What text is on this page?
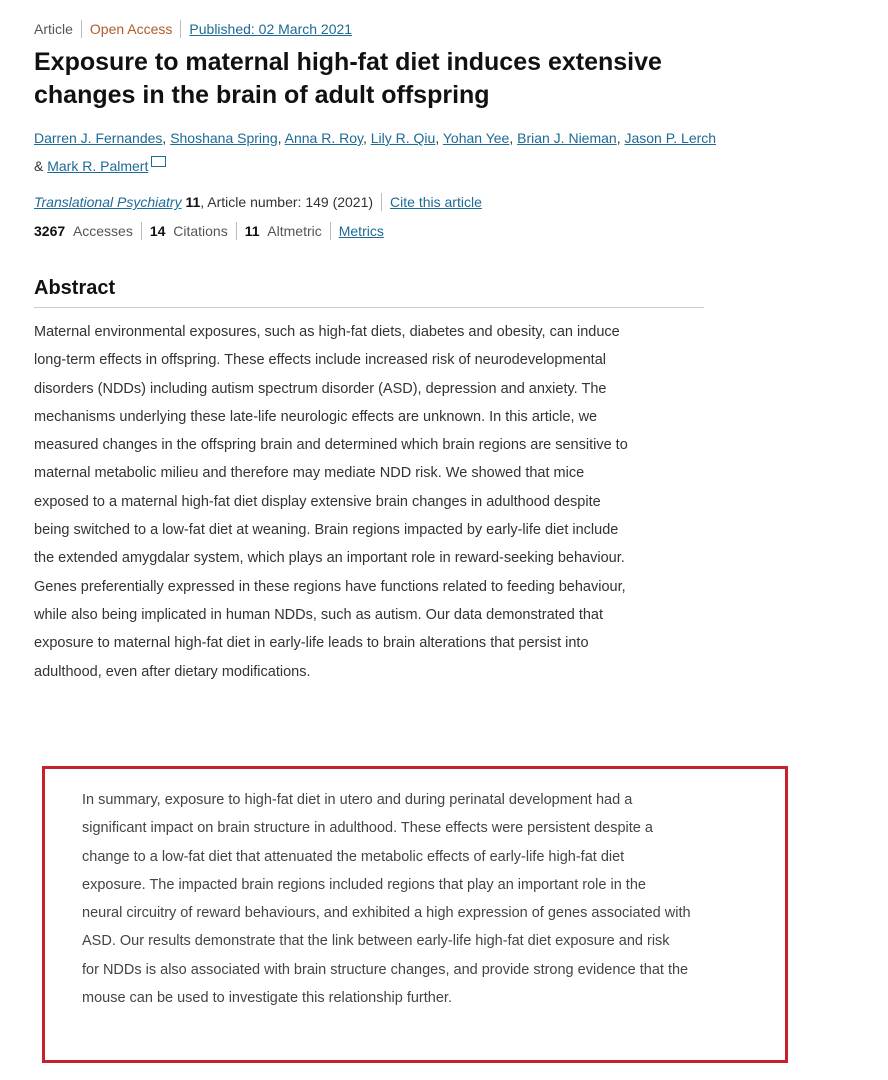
Article Open Access Published: 02 March 2021
Exposure to maternal high-fat diet induces extensive changes in the brain of adult offspring
Darren J. Fernandes, Shoshana Spring, Anna R. Roy, Lily R. Qiu, Yohan Yee, Brian J. Nieman, Jason P. Lerch
& Mark R. Palmert
Translational Psychiatry
11 , Article number: 149 (2021) Cite this article
3267
Accesses 14
Citations 11
Altmetric Metrics
Abstract
Maternal environmental exposures, such as high-fat diets, diabetes and obesity, can induce
long-term effects in offspring. These effects include increased risk of neurodevelopmental
disorders (NDDs) including autism spectrum disorder (ASD), depression and anxiety. The
mechanisms underlying these late-life neurologic effects are unknown. In this article, we
measured changes in the offspring brain and determined which brain regions are sensitive to
maternal metabolic milieu and therefore may mediate NDD risk. We showed that mice
exposed to a maternal high-fat diet display extensive brain changes in adulthood despite
being switched to a low-fat diet at weaning. Brain regions impacted by early-life diet include
the extended amygdalar system, which plays an important role in reward-seeking behaviour.
Genes preferentially expressed in these regions have functions related to feeding behaviour,
while also being implicated in human NDDs, such as autism. Our data demonstrated that
exposure to maternal high-fat diet in early-life leads to brain alterations that persist into
adulthood, even after dietary modifications.
In summary, exposure to high-fat diet in utero and during perinatal development had a
significant impact on brain structure in adulthood. These effects were persistent despite a
change to a low-fat diet that attenuated the metabolic effects of early-life high-fat diet
exposure. The impacted brain regions included regions that play an important role in the
neural circuitry of reward behaviours, and exhibited a high expression of genes associated with
ASD. Our results demonstrate that the link between early-life high-fat diet exposure and risk
for NDDs is also associated with brain structure changes, and provide strong evidence that the
mouse can be used to investigate this relationship further.
